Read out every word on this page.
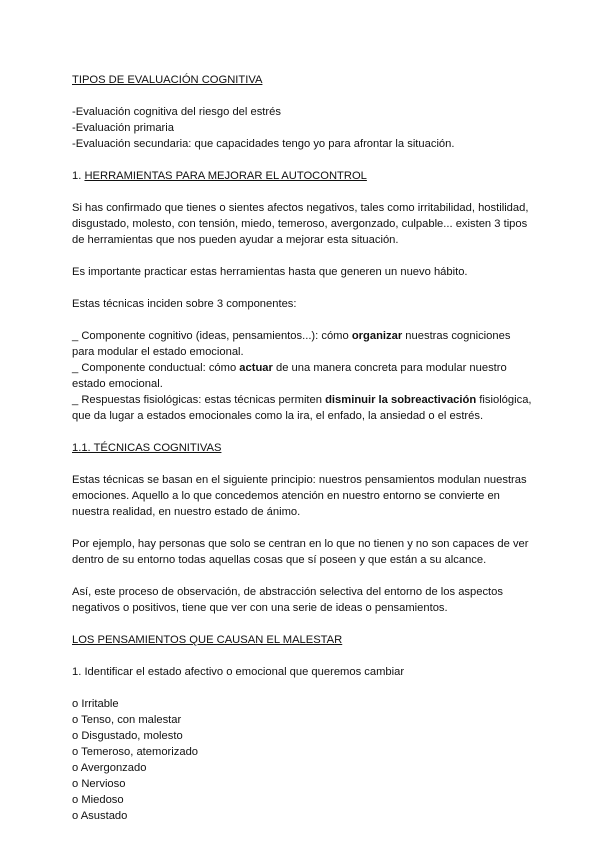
TIPOS DE EVALUACIÓN COGNITIVA

-Evaluación cognitiva del riesgo del estrés

-Evaluación primaria

-Evaluación secundaria: que capacidades tengo yo para afrontar la situación.

1. HERRAMIENTAS PARA MEJORAR EL AUTOCONTROL

Si has confirmado que tienes o sientes afectos negativos, tales como irritabilidad, hostilidad, disgustado, molesto, con tensión, miedo, temeroso, avergonzado, culpable... existen 3 tipos de herramientas que nos pueden ayudar a mejorar esta situación.

Es importante practicar estas herramientas hasta que generen un nuevo hábito.

Estas técnicas inciden sobre 3 componentes:

_ Componente cognitivo (ideas, pensamientos...): cómo organizar nuestras cogniciones para modular el estado emocional.

_ Componente conductual: cómo actuar de una manera concreta para modular nuestro estado emocional.

_ Respuestas fisiológicas: estas técnicas permiten disminuir la sobreactivación fisiológica, que da lugar a estados emocionales como la ira, el enfado, la ansiedad o el estrés.

1.1. TÉCNICAS COGNITIVAS

Estas técnicas se basan en el siguiente principio: nuestros pensamientos modulan nuestras emociones. Aquello a lo que concedemos atención en nuestro entorno se convierte en nuestra realidad, en nuestro estado de ánimo.

Por ejemplo, hay personas que solo se centran en lo que no tienen y no son capaces de ver dentro de su entorno todas aquellas cosas que sí poseen y que están a su alcance.

Así, este proceso de observación, de abstracción selectiva del entorno de los aspectos negativos o positivos, tiene que ver con una serie de ideas o pensamientos.

LOS PENSAMIENTOS QUE CAUSAN EL MALESTAR

1. Identificar el estado afectivo o emocional que queremos cambiar

o Irritable

o Tenso, con malestar

o Disgustado, molesto

o Temeroso, atemorizado

o Avergonzado

o Nervioso

o Miedoso

o Asustado
